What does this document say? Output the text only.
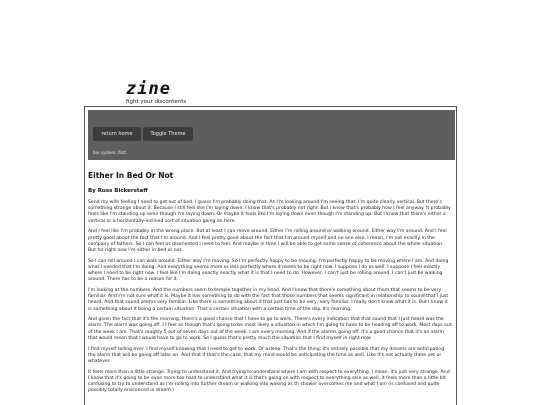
zine
fight your discontents
return home	Toggle Theme
bar system: flatt
Either In Bed Or Not
By Russ Bickerstaff

Send my wife feeling I need to get out of bed. I guess I'm probably doing that. As I'm looking around I'm seeing that. I'm quite clearly vertical. But there's something strange about it. Because I still feel like I'm laying down. I know that's probably not right. But I know that's probably how I feel anyway. It probably feels like I'm standing up even though I'm laying down. Or maybe it feels like I'm laying down even though I'm standing up. But I know that there's either a vertical or a horizontally-inclined sort of situation going on here.

And I feel like I'm probably in the wrong place. But at least I can move around. Either I'm rolling around or walking around. Either way I'm around. And I feel pretty good about the fact that I'm around. And I feel pretty good about the fact that I'm around myself and no one else. I mean, I'm not exactly in the company of fathers. So I can feel as disoriented I need to feel. And maybe in time I will be able to get some sense of coherence about the whole situation. But for right now I'm either in bed or not.

So I can roll around I can walk around. Either way I'm moving. So I'm perfectly happy to be moving. I'm perfectly happy to be moving where I am. And doing what I needed that I'm doing. And everything seems more or less perfectly where it needs to be right now. I suppose I do as well. I suppose I feel exactly where I need to be right now. I feel like I'm doing exactly exactly what it is that I need to do. However, I can't just be rolling around. I can't just be walking around. There has to be a reason for it.

I'm looking at the numbers. And the numbers seem to temple together in my head. And I know that there's something about them that seems to be very familiar. And I'm not sure what it is. Maybe it has something to do with the fact that those numbers that seems significant in relationship to sound that I just heard. And that sound seems very familiar. Like there is something about it that just has to be very, very familiar. I really don't know what it is. But I know it is something about it being a certain situation. That a certain situation with a certain time of the day. It's morning.

And given the fact that it's the morning, there's a good chance that I have to go to work. There's every indication that that sound that I just heard was the alarm. The alarm was going off. I I feel as though that's going to be most likely a situation in which I'm going to have to be heading off to work. Most days out of the week I am. That's roughly 5 out of seven days out of the week. I am every morning. And if the alarms going off, it's a good chance that it's an alarm that would mean that I would have to go to work. So I guess that's pretty much the situation that I find myself in right now.

I find myself rolling over. I find myself knowing that I need to get to work. Or asleep. That's the thing: it's entirely possible that my dreams are anticipating the alarm that will be going off later on. And that if that's the case, that my mind would be anticipating the time as well. Like it's not actually there yet or whatever.

It feels more than a little strange. Trying to understand it. And trying to understand where I am with respect to everything. I mean, it's just very strange. And I know that it's going to be even more too hard to understand what it is that's going on with respect to everything else as well, it feels more than a little bit confusing to try to understand as I'm rolling into further dream or walking into waking as th shower overcomes me and what I am (is confused and quite possibly totally ensconced in dream.)
